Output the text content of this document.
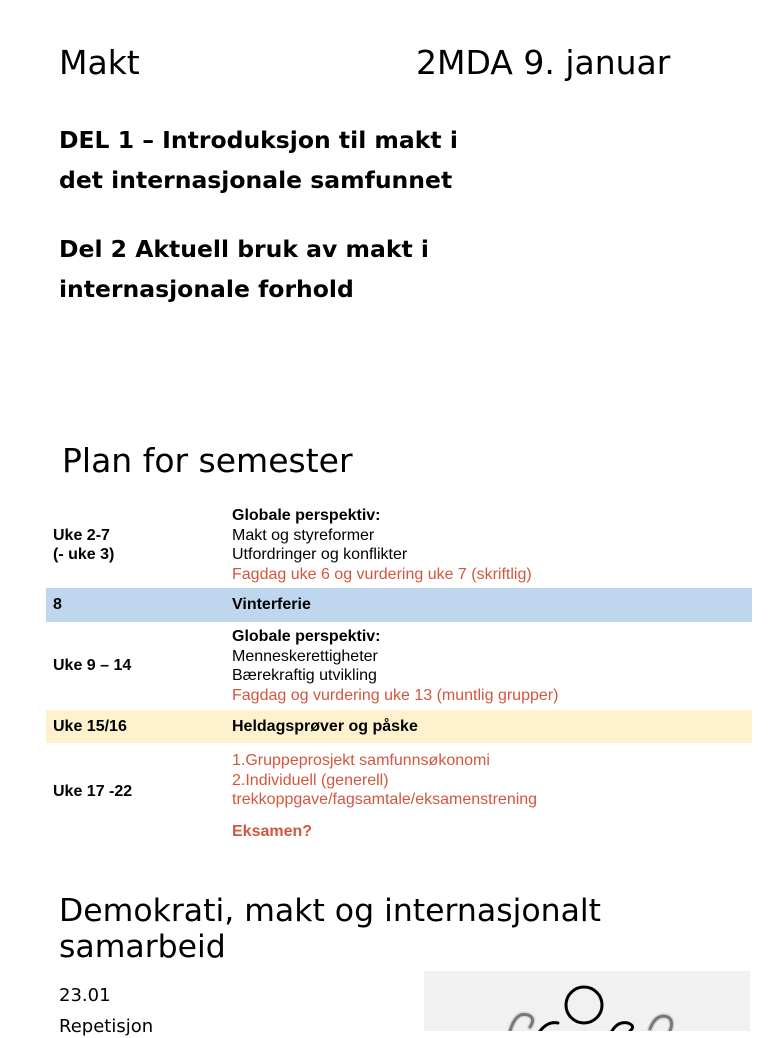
Makt	2MDA 9. januar

DEL 1 – Introduksjon til makt i det internasjonale samfunnet

Del 2 Aktuell bruk av makt i internasjonale forhold

Plan for semester
Uke 2-7
(- uke 3)	Globale perspektiv:
Makt og styreformer
Utfordringer og konflikter
Fagdag uke 6 og vurdering uke 7 (skriftlig)

8	Vinterferie
Uke 9 – 14	Globale perspektiv:
Menneskerettigheter
Bærekraftig utvikling
Fagdag og vurdering uke 13 (muntlig grupper)

Uke 15/16	Heldagsprøver og påske
Uke 17 -22	1.Gruppeprosjekt samfunnsøkonomi
2.Individuell (generell)
trekkoppgave/fagsamtale/eksamenstrening
Eksamen?
Demokrati, makt og internasjonalt samarbeid
23.01
Repetisjon
